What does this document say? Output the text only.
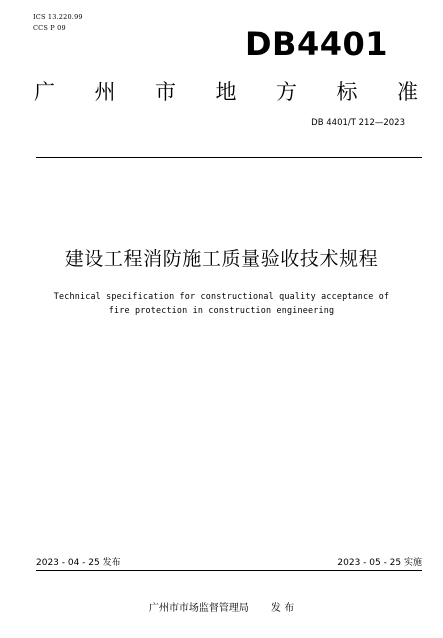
ICS 13.220.99
CCS P 09	DB4401
广 州 市 地 方 标 准
DB 4401/T 212—2023
建设工程消防施工质量验收技术规程
Technical specification for constructional quality acceptance of
fire protection in construction engineering
2023 - 04 - 25 发布	2023 - 05 - 25 实施
广州市市场监督管理局 发 布
